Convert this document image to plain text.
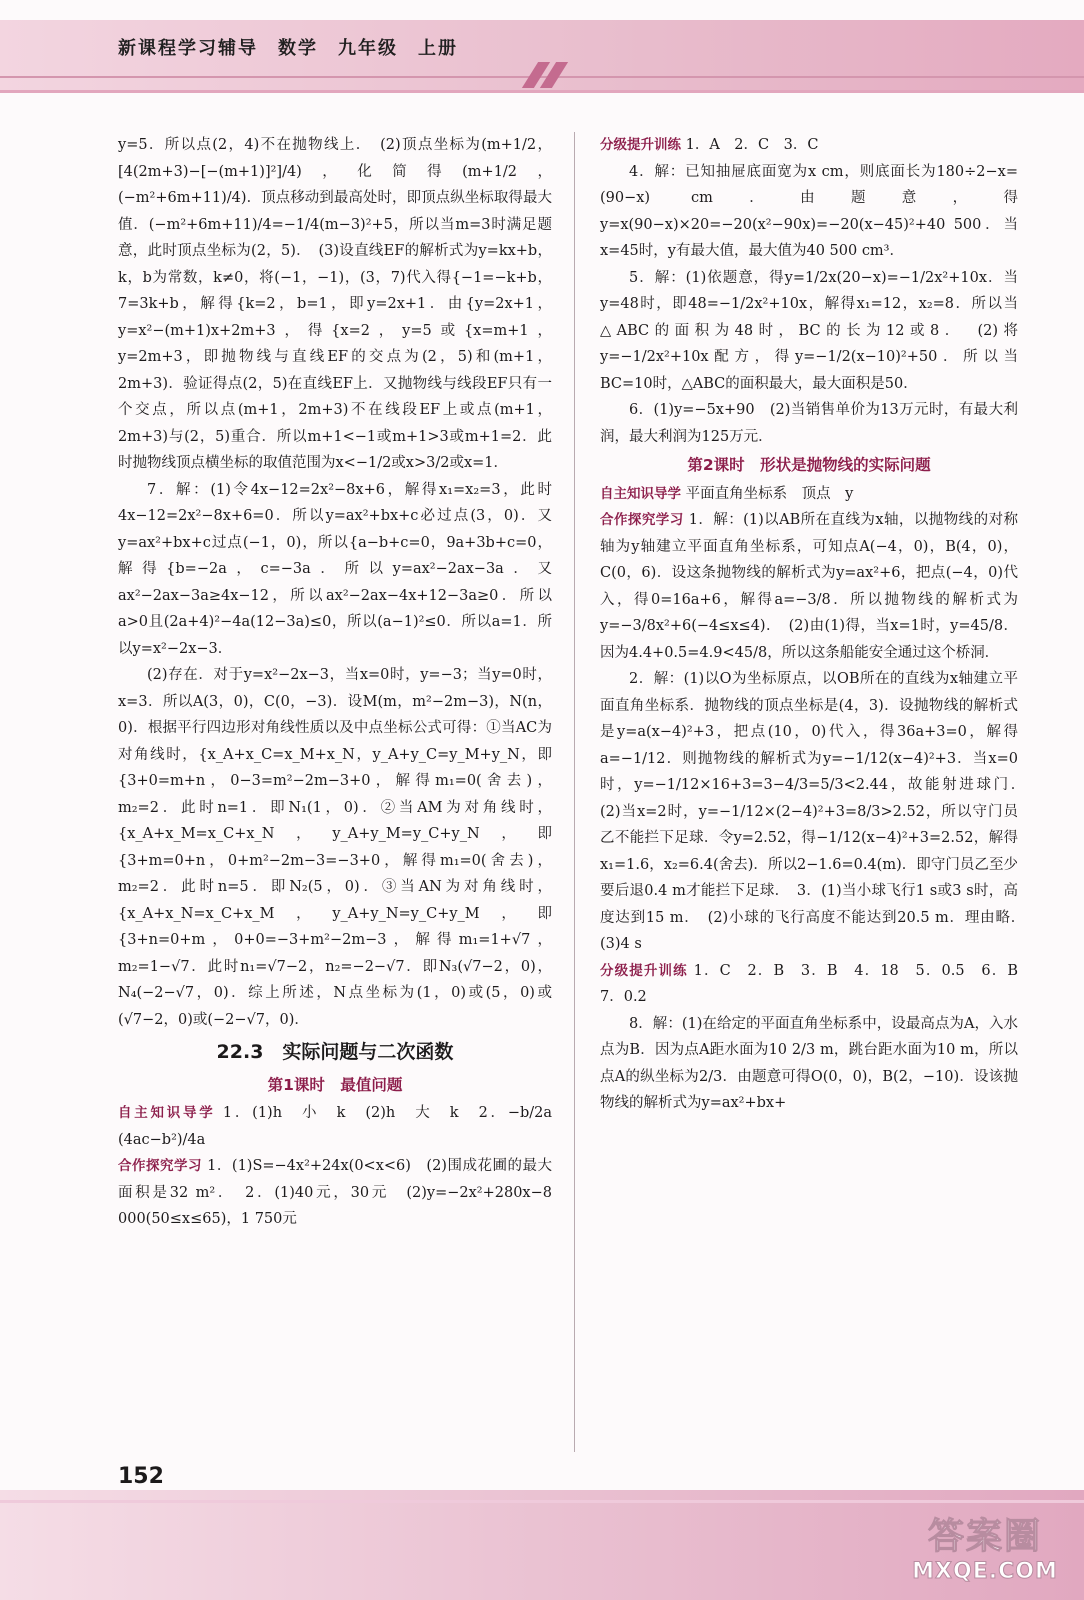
新课程学习辅导　数学　九年级　上册

y=5．所以点(2，4)不在抛物线上．　(2)顶点坐标为(m+1/2，[4(2m+3)−[−(m+1)]²]/4)，化简得(m+1/2，(−m²+6m+11)/4)．顶点移动到最高处时，即顶点纵坐标取得最大值．(−m²+6m+11)/4=−1/4(m−3)²+5，所以当m=3时满足题意，此时顶点坐标为(2，5)．　(3)设直线EF的解析式为y=kx+b，k，b为常数，k≠0，将(−1，−1)，(3，7)代入得{−1=−k+b，7=3k+b，解得{k=2，b=1，即y=2x+1．由{y=2x+1，y=x²−(m+1)x+2m+3，得{x=2，y=5或{x=m+1，y=2m+3，即抛物线与直线EF的交点为(2，5)和(m+1，2m+3)．验证得点(2，5)在直线EF上．又抛物线与线段EF只有一个交点，所以点(m+1，2m+3)不在线段EF上或点(m+1，2m+3)与(2，5)重合．所以m+1<−1或m+1>3或m+1=2．此时抛物线顶点横坐标的取值范围为x<−1/2或x>3/2或x=1．

7．解：(1)令4x−12=2x²−8x+6，解得x₁=x₂=3，此时4x−12=2x²−8x+6=0．所以y=ax²+bx+c必过点(3，0)．又y=ax²+bx+c过点(−1，0)，所以{a−b+c=0，9a+3b+c=0，解得{b=−2a，c=−3a．所以y=ax²−2ax−3a．又ax²−2ax−3a≥4x−12，所以ax²−2ax−4x+12−3a≥0．所以a>0且(2a+4)²−4a(12−3a)≤0，所以(a−1)²≤0．所以a=1．所以y=x²−2x−3．

(2)存在．对于y=x²−2x−3，当x=0时，y=−3；当y=0时，x=3．所以A(3，0)，C(0，−3)．设M(m，m²−2m−3)，N(n，0)．根据平行四边形对角线性质以及中点坐标公式可得：①当AC为对角线时，{x_A+x_C=x_M+x_N，y_A+y_C=y_M+y_N，即{3+0=m+n，0−3=m²−2m−3+0，解得m₁=0(舍去)，m₂=2．此时n=1．即N₁(1，0)．②当AM为对角线时，{x_A+x_M=x_C+x_N，y_A+y_M=y_C+y_N，即{3+m=0+n，0+m²−2m−3=−3+0，解得m₁=0(舍去)，m₂=2．此时n=5．即N₂(5，0)．③当AN为对角线时，{x_A+x_N=x_C+x_M，y_A+y_N=y_C+y_M，即{3+n=0+m，0+0=−3+m²−2m−3，解得m₁=1+√7，m₂=1−√7．此时n₁=√7−2，n₂=−2−√7．即N₃(√7−2，0)，N₄(−2−√7，0)．综上所述，N点坐标为(1，0)或(5，0)或(√7−2，0)或(−2−√7，0)．

22.3　实际问题与二次函数
第1课时　最值问题

自主知识导学 1．(1)h　小　k　(2)h　大　k　2．−b/2a　(4ac−b²)/4a

合作探究学习 1．(1)S=−4x²+24x(0<x<6)　(2)围成花圃的最大面积是32 m²．　2．(1)40元，30元　(2)y=−2x²+280x−8 000(50≤x≤65)，1 750元

分级提升训练 1．A　2．C　3．C

4．解：已知抽屉底面宽为x cm，则底面长为180÷2−x=(90−x) cm．由题意，得y=x(90−x)×20=−20(x²−90x)=−20(x−45)²+40 500．当x=45时，y有最大值，最大值为40 500 cm³．

5．解：(1)依题意，得y=1/2x(20−x)=−1/2x²+10x．当y=48时，即48=−1/2x²+10x，解得x₁=12，x₂=8．所以当△ABC的面积为48时，BC的长为12或8．　(2)将y=−1/2x²+10x配方，得y=−1/2(x−10)²+50．所以当BC=10时，△ABC的面积最大，最大面积是50．

6．(1)y=−5x+90　(2)当销售单价为13万元时，有最大利润，最大利润为125万元．

第2课时　形状是抛物线的实际问题

自主知识导学 平面直角坐标系　顶点　y

合作探究学习 1．解：(1)以AB所在直线为x轴，以抛物线的对称轴为y轴建立平面直角坐标系，可知点A(−4，0)，B(4，0)，C(0，6)．设这条抛物线的解析式为y=ax²+6，把点(−4，0)代入，得0=16a+6，解得a=−3/8．所以抛物线的解析式为y=−3/8x²+6(−4≤x≤4)．　(2)由(1)得，当x=1时，y=45/8．因为4.4+0.5=4.9<45/8，所以这条船能安全通过这个桥洞．

2．解：(1)以O为坐标原点，以OB所在的直线为x轴建立平面直角坐标系．抛物线的顶点坐标是(4，3)．设抛物线的解析式是y=a(x−4)²+3，把点(10，0)代入，得36a+3=0，解得a=−1/12．则抛物线的解析式为y=−1/12(x−4)²+3．当x=0时，y=−1/12×16+3=3−4/3=5/3<2.44，故能射进球门．　(2)当x=2时，y=−1/12×(2−4)²+3=8/3>2.52，所以守门员乙不能拦下足球．令y=2.52，得−1/12(x−4)²+3=2.52，解得x₁=1.6，x₂=6.4(舍去)．所以2−1.6=0.4(m)．即守门员乙至少要后退0.4 m才能拦下足球．　3．(1)当小球飞行1 s或3 s时，高度达到15 m．　(2)小球的飞行高度不能达到20.5 m．理由略．　(3)4 s

分级提升训练 1．C　2．B　3．B　4．18　5．0.5　6．B　7．0.2

8．解：(1)在给定的平面直角坐标系中，设最高点为A，入水点为B．因为点A距水面为10 2/3 m，跳台距水面为10 m，所以点A的纵坐标为2/3．由题意可得O(0，0)，B(2，−10)．设该抛物线的解析式为y=ax²+bx+

152
答案圈
MXQE.COM
